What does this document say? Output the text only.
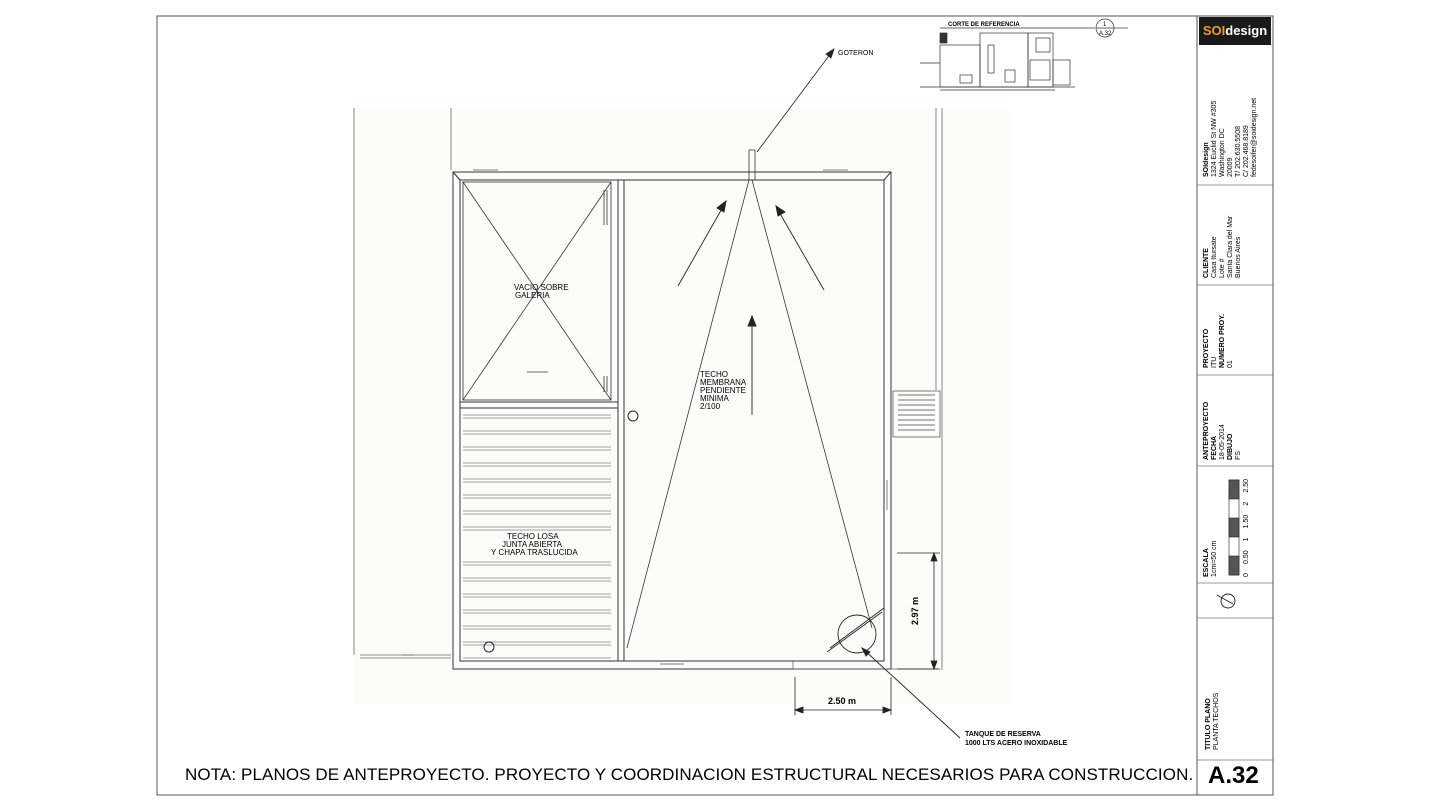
GOTERON
VACIO SOBRE
GALERIA
TECHO
MEMBRANA
PENDIENTE
MINIMA
2/100
TECHO LOSA
JUNTA ABIERTA
Y CHAPA TRASLUCIDA
TANQUE DE RESERVA
1000 LTS ACERO INOXIDABLE
2.50 m
2.97 m
CORTE DE REFERENCIA	1
A.32	SOIdesign
SOIdesign 1324 Euclid St NW #305 Washington DC 20009 T/ 202.630.5508 C/ 202.468.8189 fedesoifer@soidesign.net
CLIENTE Casa Itursate Lote # Santa Clara del Mar Buenos Aires
PROYECTO ITU NUMERO PROY. 01
ANTEPROYECTO FECHA 18-05-2014 DIBUJO FS
ESCALA 1cm=50 cm	0
0.50
1
1.50
2
2.50
TITULO PLANO PLANTA TECHOS
NOTA: PLANOS DE ANTEPROYECTO. PROYECTO Y COORDINACION ESTRUCTURAL NECESARIOS PARA CONSTRUCCION. A.32
